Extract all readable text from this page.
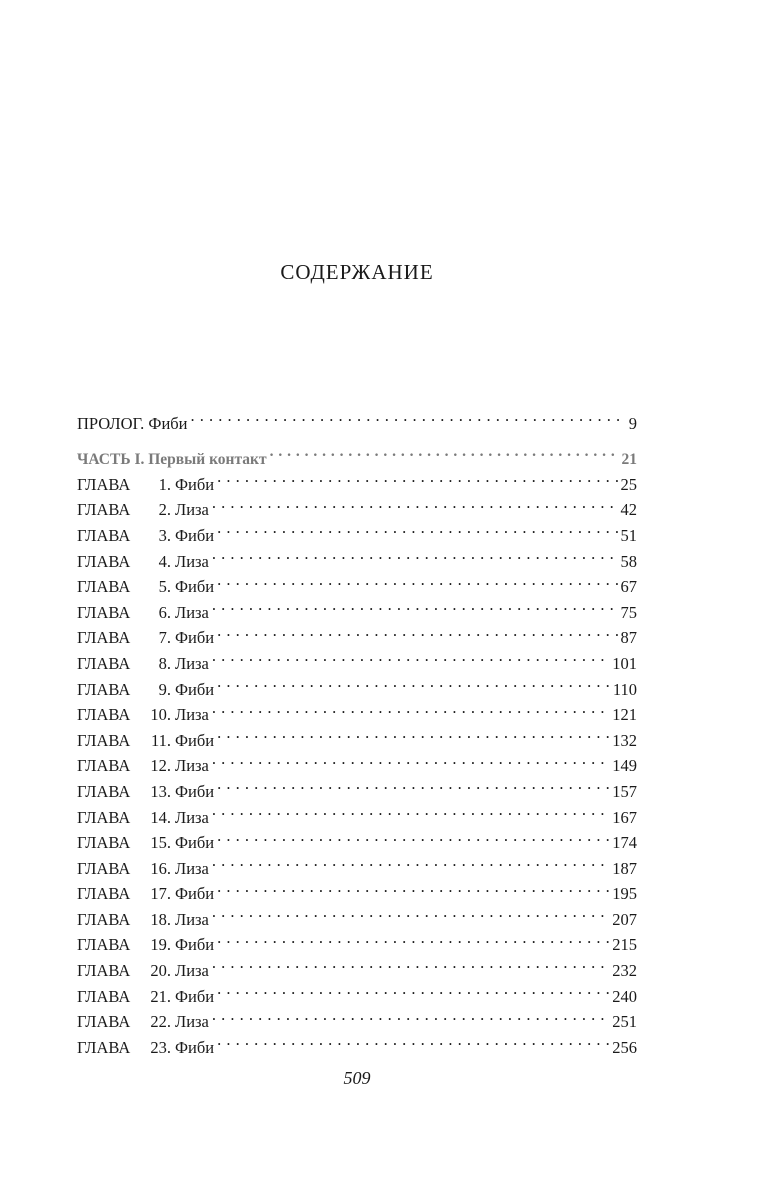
СОДЕРЖАНИЕ
ПРОЛОГ. Фиби . . .	9
ЧАСТЬ I. Первый контакт . . .	21
ГЛАВА 1. Фиби . . .	25
ГЛАВА 2. Лиза . . .	42
ГЛАВА 3. Фиби . . .	51
ГЛАВА 4. Лиза . . .	58
ГЛАВА 5. Фиби . . .	67
ГЛАВА 6. Лиза . . .	75
ГЛАВА 7. Фиби . . .	87
ГЛАВА 8. Лиза . . .	101
ГЛАВА 9. Фиби . . .	110
ГЛАВА 10. Лиза . . .	121
ГЛАВА 11. Фиби . . .	132
ГЛАВА 12. Лиза . . .	149
ГЛАВА 13. Фиби . . .	157
ГЛАВА 14. Лиза . . .	167
ГЛАВА 15. Фиби . . .	174
ГЛАВА 16. Лиза . . .	187
ГЛАВА 17. Фиби . . .	195
ГЛАВА 18. Лиза . . .	207
ГЛАВА 19. Фиби . . .	215
ГЛАВА 20. Лиза . . .	232
ГЛАВА 21. Фиби . . .	240
ГЛАВА 22. Лиза . . .	251
ГЛАВА 23. Фиби . . .	256
509
